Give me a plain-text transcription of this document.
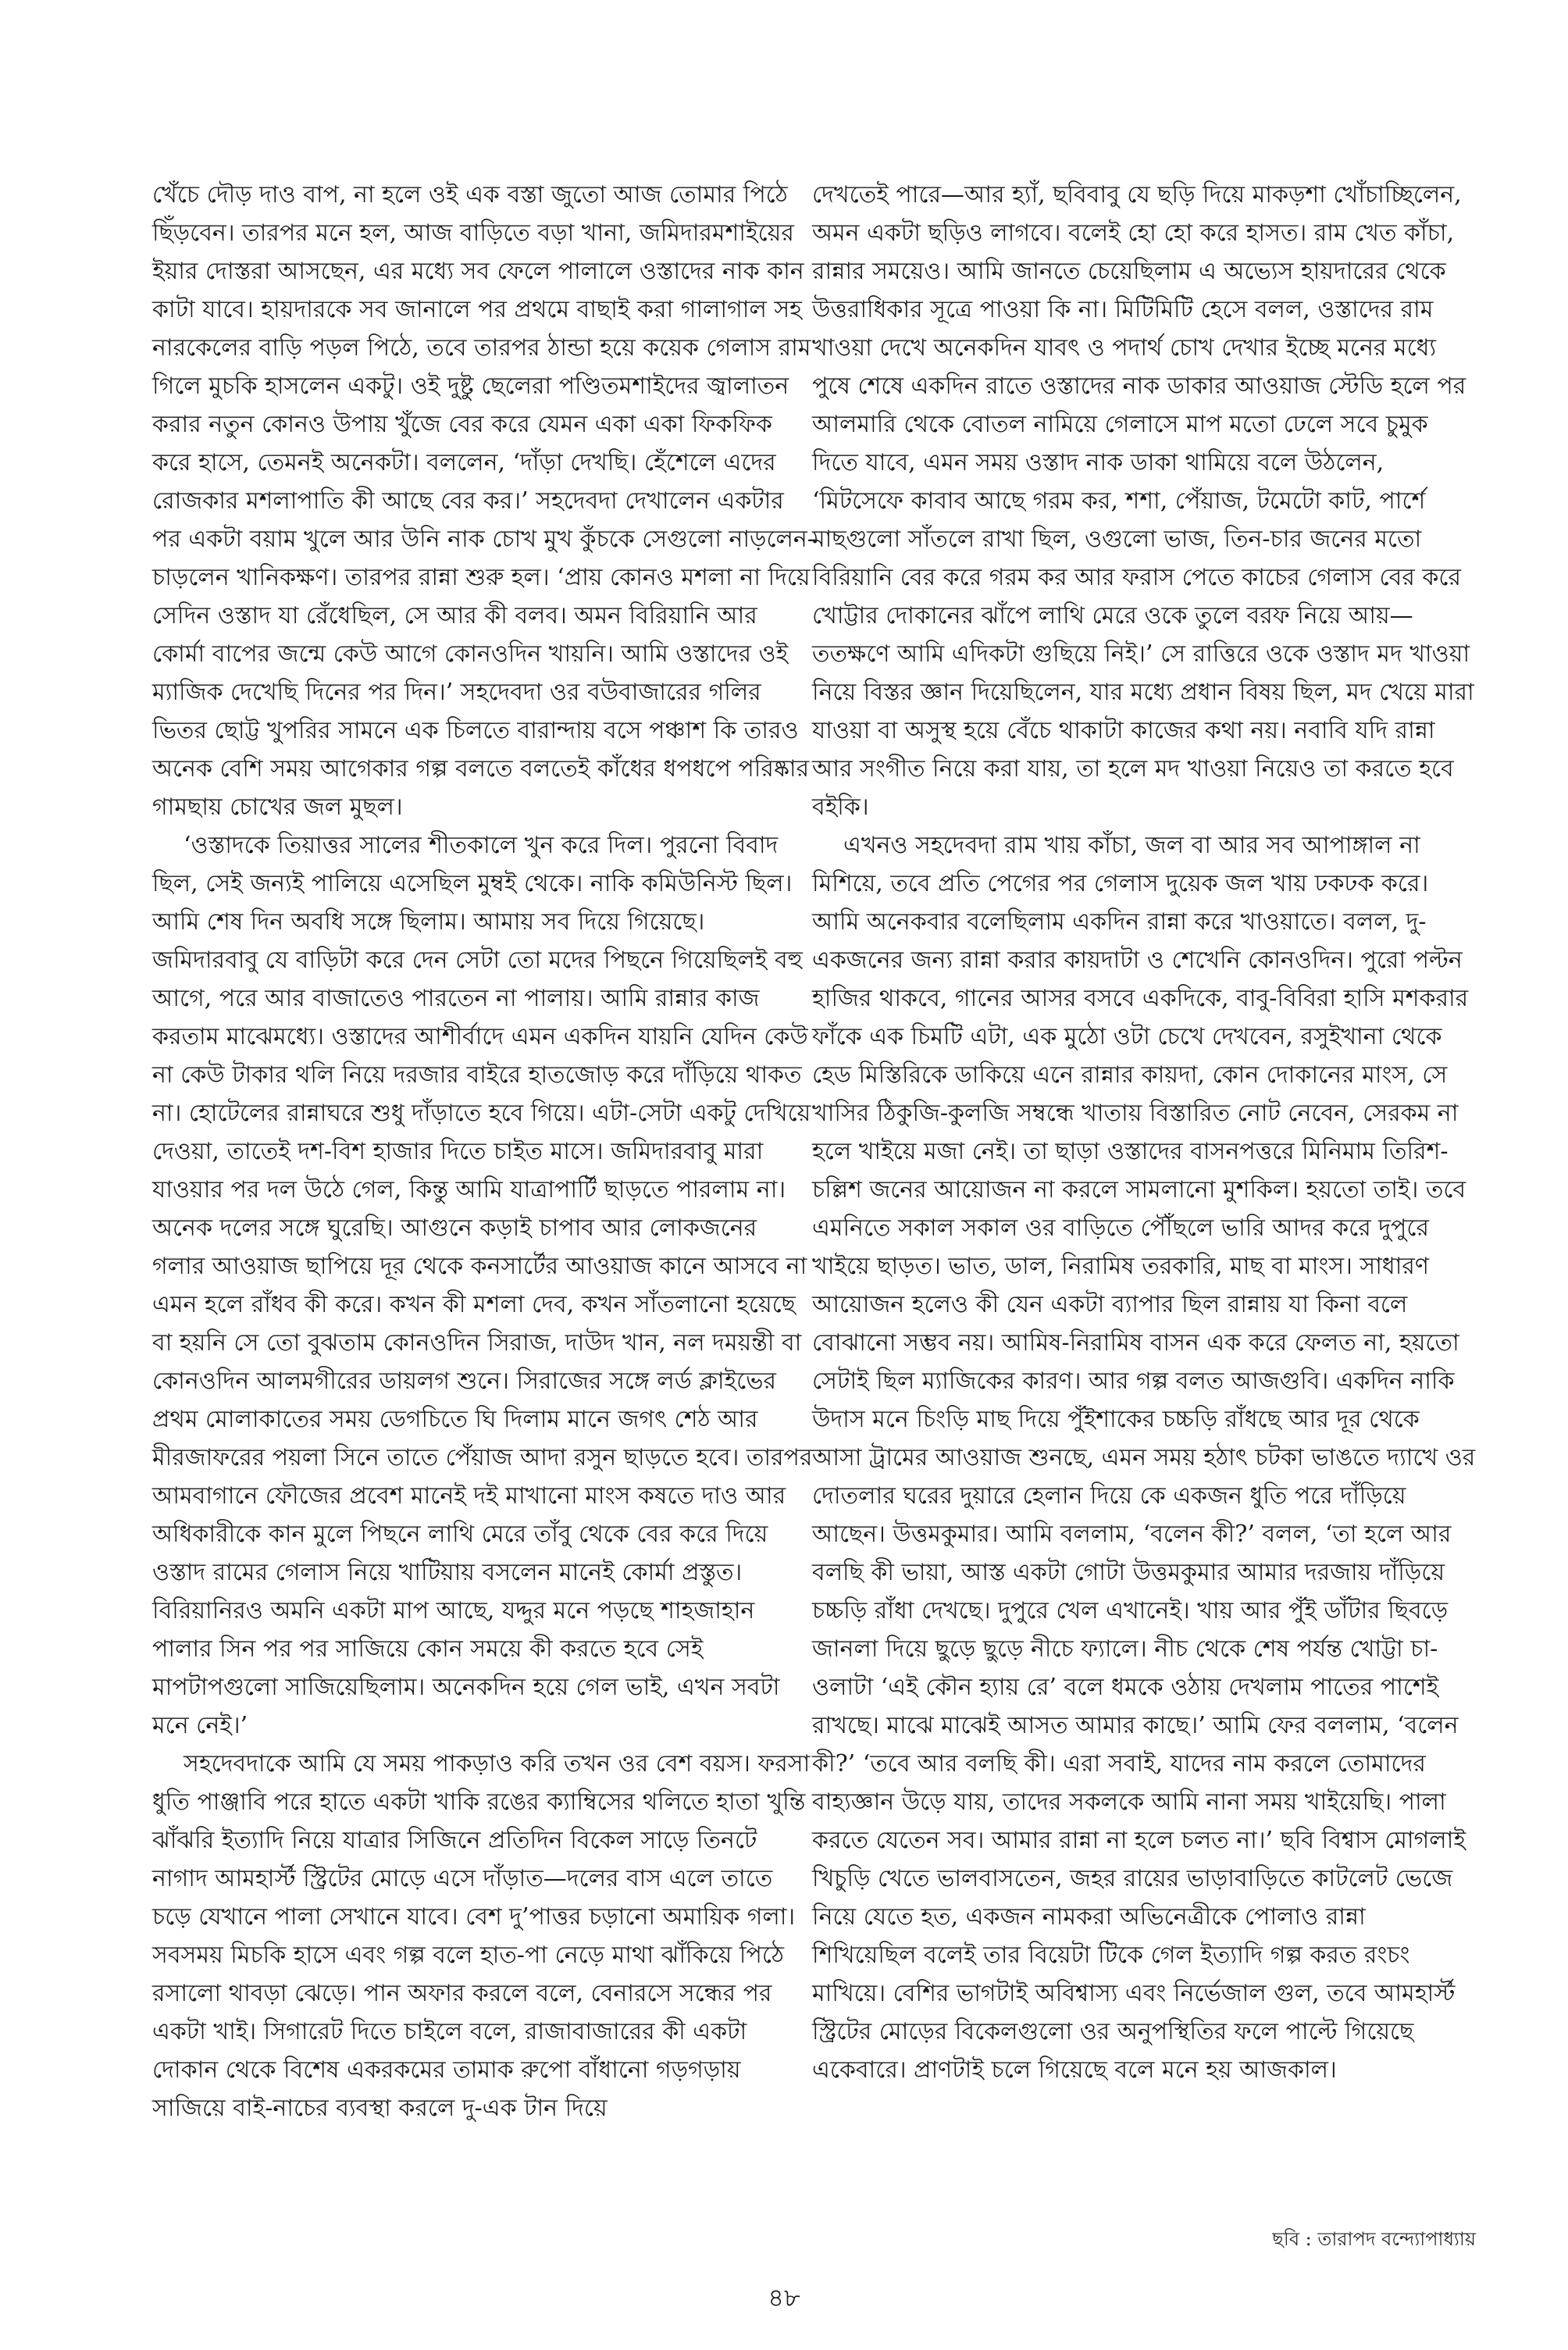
খেঁচে দৌড় দাও বাপ, না হলে ওই এক বস্তা জুতো আজ তোমার পিঠে ছিঁড়বেন। তারপর মনে হল, আজ বাড়িতে বড়া খানা, জমিদারমশাইয়ের ইয়ার দোস্তরা আসছেন, এর মধ্যে সব ফেলে পালালে ওস্তাদের নাক কান কাটা যাবে। হায়দারকে সব জানালে পর প্রথমে বাছাই করা গালাগাল সহ নারকেলের বাড়ি পড়ল পিঠে, তবে তারপর ঠান্ডা হয়ে কয়েক গেলাস রাম গিলে মুচকি হাসলেন একটু। ওই দুষ্টু ছেলেরা পণ্ডিতমশাইদের জ্বালাতন করার নতুন কোনও উপায় খুঁজে বের করে যেমন একা একা ফিকফিক করে হাসে, তেমনই অনেকটা। বললেন, ‘দাঁড়া দেখছি। হেঁশেলে এদের রোজকার মশলাপাতি কী আছে বের কর।’ সহদেবদা দেখালেন একটার পর একটা বয়াম খুলে আর উনি নাক চোখ মুখ কুঁচকে সেগুলো নাড়লেন-চাড়লেন খানিকক্ষণ। তারপর রান্না শুরু হল। ‘প্রায় কোনও মশলা না দিয়ে সেদিন ওস্তাদ যা রেঁধেছিল, সে আর কী বলব। অমন বিরিয়ানি আর কোর্মা বাপের জন্মে কেউ আগে কোনওদিন খায়নি। আমি ওস্তাদের ওই ম্যাজিক দেখেছি দিনের পর দিন।’ সহদেবদা ওর বউবাজারের গলির ভিতর ছোট্ট খুপরির সামনে এক চিলতে বারান্দায় বসে পঞ্চাশ কি তারও অনেক বেশি সময় আগেকার গল্প বলতে বলতেই কাঁধের ধপধপে পরিষ্কার গামছায় চোখের জল মুছল।

‘ওস্তাদকে তিয়াত্তর সালের শীতকালে খুন করে দিল। পুরনো বিবাদ ছিল, সেই জন্যই পালিয়ে এসেছিল মুম্বই থেকে। নাকি কমিউনিস্ট ছিল। আমি শেষ দিন অবধি সঙ্গে ছিলাম। আমায় সব দিয়ে গিয়েছে। জমিদারবাবু যে বাড়িটা করে দেন সেটা তো মদের পিছনে গিয়েছিলই বহু আগে, পরে আর বাজাতেও পারতেন না পালায়। আমি রান্নার কাজ করতাম মাঝেমধ্যে। ওস্তাদের আশীর্বাদে এমন একদিন যায়নি যেদিন কেউ না কেউ টাকার থলি নিয়ে দরজার বাইরে হাতজোড় করে দাঁড়িয়ে থাকত না। হোটেলের রান্নাঘরে শুধু দাঁড়াতে হবে গিয়ে। এটা-সেটা একটু দেখিয়ে দেওয়া, তাতেই দশ-বিশ হাজার দিতে চাইত মাসে। জমিদারবাবু মারা যাওয়ার পর দল উঠে গেল, কিন্তু আমি যাত্রাপার্টি ছাড়তে পারলাম না। অনেক দলের সঙ্গে ঘুরেছি। আগুনে কড়াই চাপাব আর লোকজনের গলার আওয়াজ ছাপিয়ে দূর থেকে কনসার্টের আওয়াজ কানে আসবে না এমন হলে রাঁধব কী করে। কখন কী মশলা দেব, কখন সাঁতলানো হয়েছে বা হয়নি সে তো বুঝতাম কোনওদিন সিরাজ, দাউদ খান, নল দময়ন্তী বা কোনওদিন আলমগীরের ডায়লগ শুনে। সিরাজের সঙ্গে লর্ড ক্লাইভের প্রথম মোলাকাতের সময় ডেগচিতে ঘি দিলাম মানে জগৎ শেঠ আর মীরজাফরের পয়লা সিনে তাতে পেঁয়াজ আদা রসুন ছাড়তে হবে। তারপর আমবাগানে ফৌজের প্রবেশ মানেই দই মাখানো মাংস কষতে দাও আর অধিকারীকে কান মুলে পিছনে লাথি মেরে তাঁবু থেকে বের করে দিয়ে ওস্তাদ রামের গেলাস নিয়ে খাটিয়ায় বসলেন মানেই কোর্মা প্রস্তুত। বিরিয়ানিরও অমনি একটা মাপ আছে, যদ্দুর মনে পড়ছে শাহজাহান পালার সিন পর পর সাজিয়ে কোন সময়ে কী করতে হবে সেই মাপটাপগুলো সাজিয়েছিলাম। অনেকদিন হয়ে গেল ভাই, এখন সবটা মনে নেই।’

সহদেবদাকে আমি যে সময় পাকড়াও করি তখন ওর বেশ বয়স। ফরসা ধুতি পাঞ্জাবি পরে হাতে একটা খাকি রঙের ক্যাম্বিসের থলিতে হাতা খুন্তি ঝাঁঝরি ইত্যাদি নিয়ে যাত্রার সিজিনে প্রতিদিন বিকেল সাড়ে তিনটে নাগাদ আমহার্স্ট স্ট্রিটের মোড়ে এসে দাঁড়াত—দলের বাস এলে তাতে চড়ে যেখানে পালা সেখানে যাবে। বেশ দু’পাত্তর চড়ানো অমায়িক গলা। সবসময় মিচকি হাসে এবং গল্প বলে হাত-পা নেড়ে মাথা ঝাঁকিয়ে পিঠে রসালো থাবড়া ঝেড়ে। পান অফার করলে বলে, বেনারসে সন্ধের পর একটা খাই। সিগারেট দিতে চাইলে বলে, রাজাবাজারের কী একটা দোকান থেকে বিশেষ একরকমের তামাক রুপো বাঁধানো গড়গড়ায় সাজিয়ে বাই-নাচের ব্যবস্থা করলে দু-এক টান দিয়ে

দেখতেই পারে—আর হ্যাঁ, ছবিবাবু যে ছড়ি দিয়ে মাকড়শা খোঁচাচ্ছিলেন, অমন একটা ছড়িও লাগবে। বলেই হো হো করে হাসত। রাম খেত কাঁচা, রান্নার সময়েও। আমি জানতে চেয়েছিলাম এ অভ্যেস হায়দারের থেকে উত্তরাধিকার সূত্রে পাওয়া কি না। মিটিমিটি হেসে বলল, ওস্তাদের রাম খাওয়া দেখে অনেকদিন যাবৎ ও পদার্থ চোখ দেখার ইচ্ছে মনের মধ্যে পুষে শেষে একদিন রাতে ওস্তাদের নাক ডাকার আওয়াজ স্টেডি হলে পর আলমারি থেকে বোতল নামিয়ে গেলাসে মাপ মতো ঢেলে সবে চুমুক দিতে যাবে, এমন সময় ওস্তাদ নাক ডাকা থামিয়ে বলে উঠলেন, ‘মিটসেফে কাবাব আছে গরম কর, শশা, পেঁয়াজ, টমেটো কাট, পার্শে মাছগুলো সাঁতলে রাখা ছিল, ওগুলো ভাজ, তিন-চার জনের মতো বিরিয়ানি বের করে গরম কর আর ফরাস পেতে কাচের গেলাস বের করে খোট্টার দোকানের ঝাঁপে লাথি মেরে ওকে তুলে বরফ নিয়ে আয়—ততক্ষণে আমি এদিকটা গুছিয়ে নিই।’ সে রাত্তিরে ওকে ওস্তাদ মদ খাওয়া নিয়ে বিস্তর জ্ঞান দিয়েছিলেন, যার মধ্যে প্রধান বিষয় ছিল, মদ খেয়ে মারা যাওয়া বা অসুস্থ হয়ে বেঁচে থাকাটা কাজের কথা নয়। নবাবি যদি রান্না আর সংগীত নিয়ে করা যায়, তা হলে মদ খাওয়া নিয়েও তা করতে হবে বইকি।

এখনও সহদেবদা রাম খায় কাঁচা, জল বা আর সব আপাঙ্গাল না মিশিয়ে, তবে প্রতি পেগের পর গেলাস দুয়েক জল খায় ঢকঢক করে। আমি অনেকবার বলেছিলাম একদিন রান্না করে খাওয়াতে। বলল, দু-একজনের জন্য রান্না করার কায়দাটা ও শেখেনি কোনওদিন। পুরো পল্টন হাজির থাকবে, গানের আসর বসবে একদিকে, বাবু-বিবিরা হাসি মশকরার ফাঁকে এক চিমটি এটা, এক মুঠো ওটা চেখে দেখবেন, রসুইখানা থেকে হেড মিস্তিরিকে ডাকিয়ে এনে রান্নার কায়দা, কোন দোকানের মাংস, সে খাসির ঠিকুজি-কুলজি সম্বন্ধে খাতায় বিস্তারিত নোট নেবেন, সেরকম না হলে খাইয়ে মজা নেই। তা ছাড়া ওস্তাদের বাসনপত্তরে মিনিমাম তিরিশ-চল্লিশ জনের আয়োজন না করলে সামলানো মুশকিল। হয়তো তাই। তবে এমনিতে সকাল সকাল ওর বাড়িতে পৌঁছলে ভারি আদর করে দুপুরে খাইয়ে ছাড়ত। ভাত, ডাল, নিরামিষ তরকারি, মাছ বা মাংস। সাধারণ আয়োজন হলেও কী যেন একটা ব্যাপার ছিল রান্নায় যা কিনা বলে বোঝানো সম্ভব নয়। আমিষ-নিরামিষ বাসন এক করে ফেলত না, হয়তো সেটাই ছিল ম্যাজিকের কারণ। আর গল্প বলত আজগুবি। একদিন নাকি উদাস মনে চিংড়ি মাছ দিয়ে পুঁইশাকের চচ্চড়ি রাঁধছে আর দূর থেকে আসা ট্রামের আওয়াজ শুনছে, এমন সময় হঠাৎ চটকা ভাঙতে দ্যাখে ওর দোতলার ঘরের দুয়ারে হেলান দিয়ে কে একজন ধুতি পরে দাঁড়িয়ে আছেন। উত্তমকুমার। আমি বললাম, ‘বলেন কী?’ বলল, ‘তা হলে আর বলছি কী ভায়া, আস্ত একটা গোটা উত্তমকুমার আমার দরজায় দাঁড়িয়ে চচ্চড়ি রাঁধা দেখছে। দুপুরে খেল এখানেই। খায় আর পুঁই ডাঁটার ছিবড়ে জানলা দিয়ে ছুড়ে ছুড়ে নীচে ফ্যালে। নীচ থেকে শেষ পর্যন্ত খোট্টা চা-ওলাটা ‘এই কৌন হ্যায় রে’ বলে ধমকে ওঠায় দেখলাম পাতের পাশেই রাখছে। মাঝে মাঝেই আসত আমার কাছে।’ আমি ফের বললাম, ‘বলেন কী?’ ‘তবে আর বলছি কী। এরা সবাই, যাদের নাম করলে তোমাদের বাহ্যজ্ঞান উড়ে যায়, তাদের সকলকে আমি নানা সময় খাইয়েছি। পালা করতে যেতেন সব। আমার রান্না না হলে চলত না।’ ছবি বিশ্বাস মোগলাই খিচুড়ি খেতে ভালবাসতেন, জহর রায়ের ভাড়াবাড়িতে কাটলেট ভেজে নিয়ে যেতে হত, একজন নামকরা অভিনেত্রীকে পোলাও রান্না শিখিয়েছিল বলেই তার বিয়েটা টিকে গেল ইত্যাদি গল্প করত রংচং মাখিয়ে। বেশির ভাগটাই অবিশ্বাস্য এবং নির্ভেজাল গুল, তবে আমহার্স্ট স্ট্রিটের মোড়ের বিকেলগুলো ওর অনুপস্থিতির ফলে পাল্টে গিয়েছে একেবারে। প্রাণটাই চলে গিয়েছে বলে মনে হয় আজকাল।

ছবি : তারাপদ বন্দ্যোপাধ্যায়
৪৮
